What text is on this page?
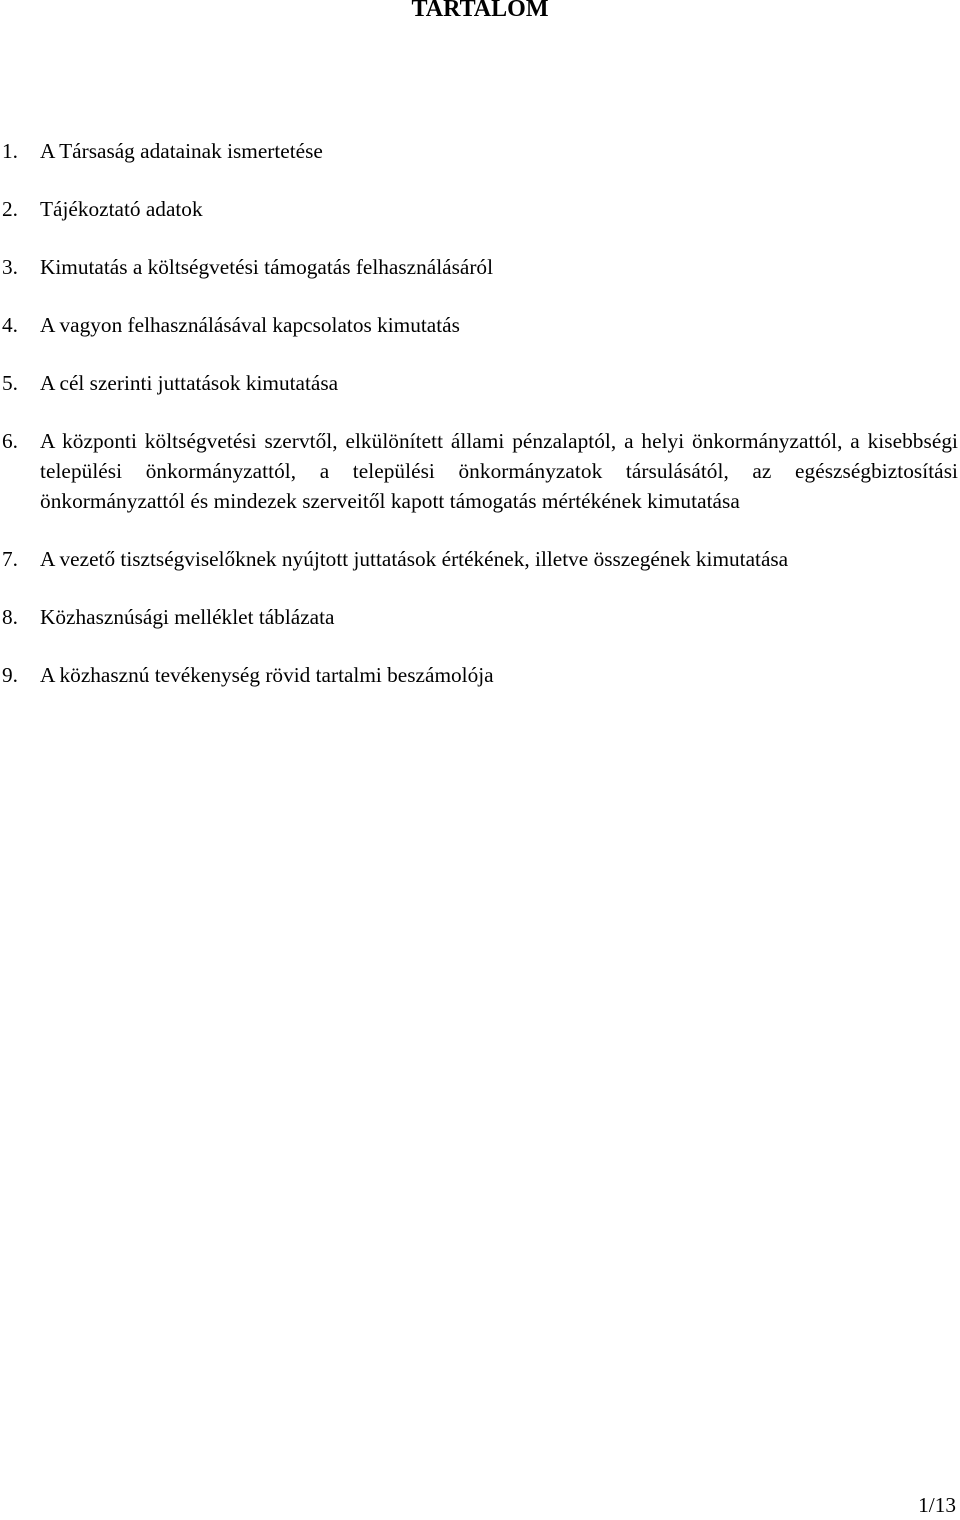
TARTALOM
1. A Társaság adatainak ismertetése
2. Tájékoztató adatok
3. Kimutatás a költségvetési támogatás felhasználásáról
4. A vagyon felhasználásával kapcsolatos kimutatás
5. A cél szerinti juttatások kimutatása
6. A központi költségvetési szervtől, elkülönített állami pénzalaptól, a helyi önkormányzattól, a kisebbségi települési önkormányzattól, a települési önkormányzatok társulásától, az egészségbiztosítási önkormányzattól és mindezek szerveitől kapott támogatás mértékének kimutatása
7. A vezető tisztségviselőknek nyújtott juttatások értékének, illetve összegének kimutatása
8. Közhasznúsági melléklet táblázata
9. A közhasznú tevékenység rövid tartalmi beszámolója
1/13
